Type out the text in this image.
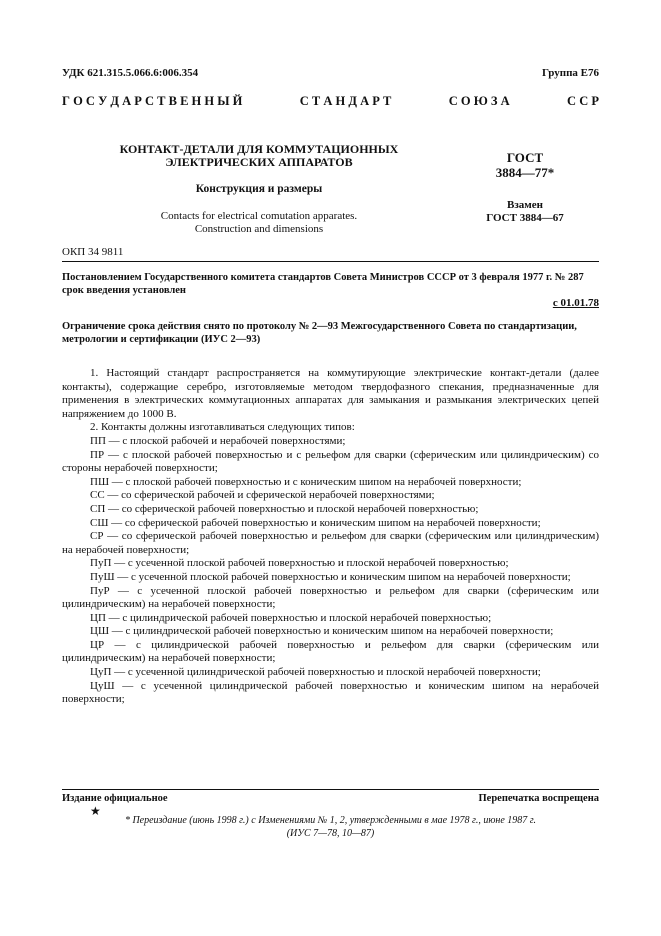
УДК 621.315.5.066.6:006.354	Группа Е76
Г О С У Д А Р С Т В Е Н Н Ы Й	С Т А Н Д А Р Т	С О Ю З А	С С Р
КОНТАКТ-ДЕТАЛИ ДЛЯ КОММУТАЦИОННЫХ
ЭЛЕКТРИЧЕСКИХ АППАРАТОВ
Конструкция и размеры
Contacts for electrical comutation apparates.
Construction and dimensions
ГОСТ
3884—77*
Взамен
ГОСТ 3884—67
ОКП 34 9811
Постановлением Государственного комитета стандартов Совета Министров СССР от 3 февраля 1977 г. № 287 срок введения установлен
с 01.01.78
Ограничение срока действия снято по протоколу № 2—93 Межгосударственного Совета по стандартизации, метрологии и сертификации (ИУС 2—93)

1. Настоящий стандарт распространяется на коммутирующие электрические контакт-детали (далее контакты), содержащие серебро, изготовляемые методом твердофазного спекания, предназначенные для применения в электрических коммутационных аппаратах для замыкания и размыкания электрических цепей напряжением до 1000 В.

2. Контакты должны изготавливаться следующих типов:

ПП — с плоской рабочей и нерабочей поверхностями;

ПР — с плоской рабочей поверхностью и с рельефом для сварки (сферическим или цилиндрическим) со стороны нерабочей поверхности;

ПШ — с плоской рабочей поверхностью и с коническим шипом на нерабочей поверхности;

СС — со сферической рабочей и сферической нерабочей поверхностями;

СП — со сферической рабочей поверхностью и плоской нерабочей поверхностью;

СШ — со сферической рабочей поверхностью и коническим шипом на нерабочей поверхности;

СР — со сферической рабочей поверхностью и рельефом для сварки (сферическим или цилиндрическим) на нерабочей поверхности;

ПуП — с усеченной плоской рабочей поверхностью и плоской нерабочей поверхностью;

ПуШ — с усеченной плоской рабочей поверхностью и коническим шипом на нерабочей поверхности;

ПуР — с усеченной плоской рабочей поверхностью и рельефом для сварки (сферическим или цилиндрическим) на нерабочей поверхности;

ЦП — с цилиндрической рабочей поверхностью и плоской нерабочей поверхностью;

ЦШ — с цилиндрической рабочей поверхностью и коническим шипом на нерабочей поверхности;

ЦР — с цилиндрической рабочей поверхностью и рельефом для сварки (сферическим или цилиндрическим) на нерабочей поверхности;

ЦуП — с усеченной цилиндрической рабочей поверхностью и плоской нерабочей поверхности;

ЦуШ — с усеченной цилиндрической рабочей поверхностью и коническим шипом на нерабочей поверхности;

Издание официальное	Перепечатка воспрещена
★
* Переиздание (июнь 1998 г.) с Изменениями № 1, 2, утвержденными в мае 1978 г., июне 1987 г.
(ИУС 7—78, 10—87)
